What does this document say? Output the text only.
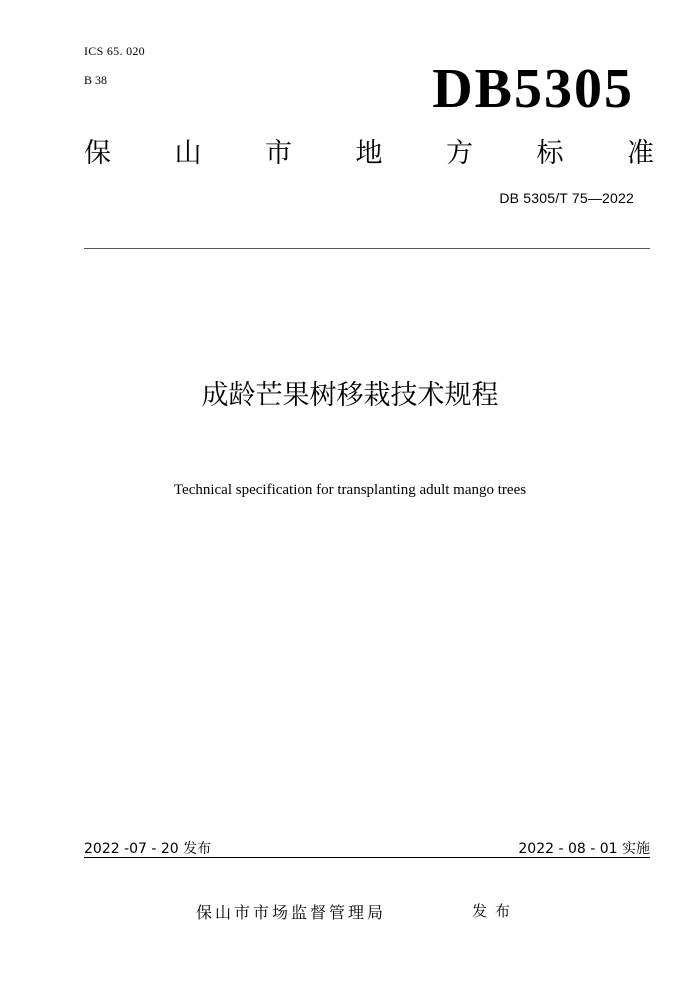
ICS 65. 020
B 38	DB5305
保 山 市 地 方 标 准
DB 5305/T 75—2022
成龄芒果树移栽技术规程
Technical specification for transplanting adult mango trees
2022 -07 - 20 发布	2022 - 08 - 01 实施
保山市市场监督管理局	发布
